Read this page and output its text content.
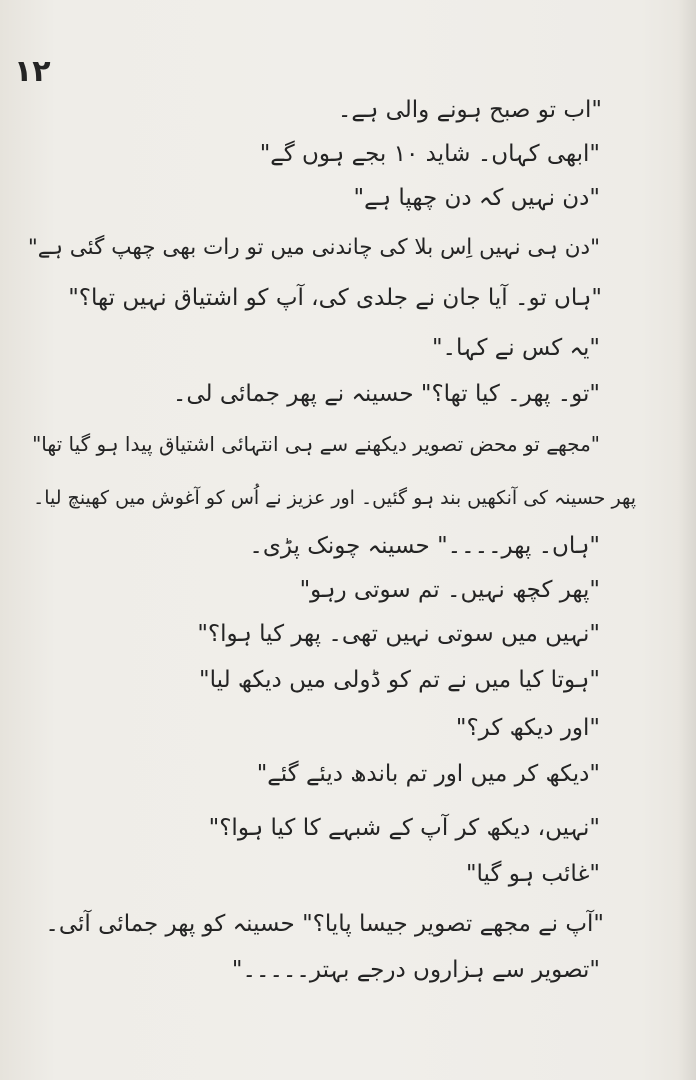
۱۲
"اب تو صبح ہونے والی ہے۔
"ابھی کہاں۔ شاید ۱۰ بجے ہوں گے"
"دن نہیں کہ دن چھپا ہے"
"دن ہی نہیں اِس بلا کی چاندنی میں تو رات بھی چھپ گئی ہے"
"ہاں تو۔ آیا جان نے جلدی کی، آپ کو اشتیاق نہیں تھا؟"
"یہ کس نے کہا۔"
"تو۔ پھر۔ کیا تھا؟" حسینہ نے پھر جمائی لی۔
"مجھے تو محض تصویر دیکھنے سے ہی انتہائی اشتیاق پیدا ہو گیا تھا"
پھر حسینہ کی آنکھیں بند ہو گئیں۔ اور عزیز نے اُس کو آغوش میں کھینچ لیا۔
"ہاں۔ پھر۔۔۔۔" حسینہ چونک پڑی۔
"پھر کچھ نہیں۔ تم سوتی رہو"
"نہیں میں سوتی نہیں تھی۔ پھر کیا ہوا؟"
"ہوتا کیا میں نے تم کو ڈولی میں دیکھ لیا"
"اور دیکھ کر؟"
"دیکھ کر میں اور تم باندھ دیئے گئے"
"نہیں، دیکھ کر آپ کے شبہے کا کیا ہوا؟"
"غائب ہو گیا"
"آپ نے مجھے تصویر جیسا پایا؟" حسینہ کو پھر جمائی آئی۔
"تصویر سے ہزاروں درجے بہتر۔۔۔۔۔"
